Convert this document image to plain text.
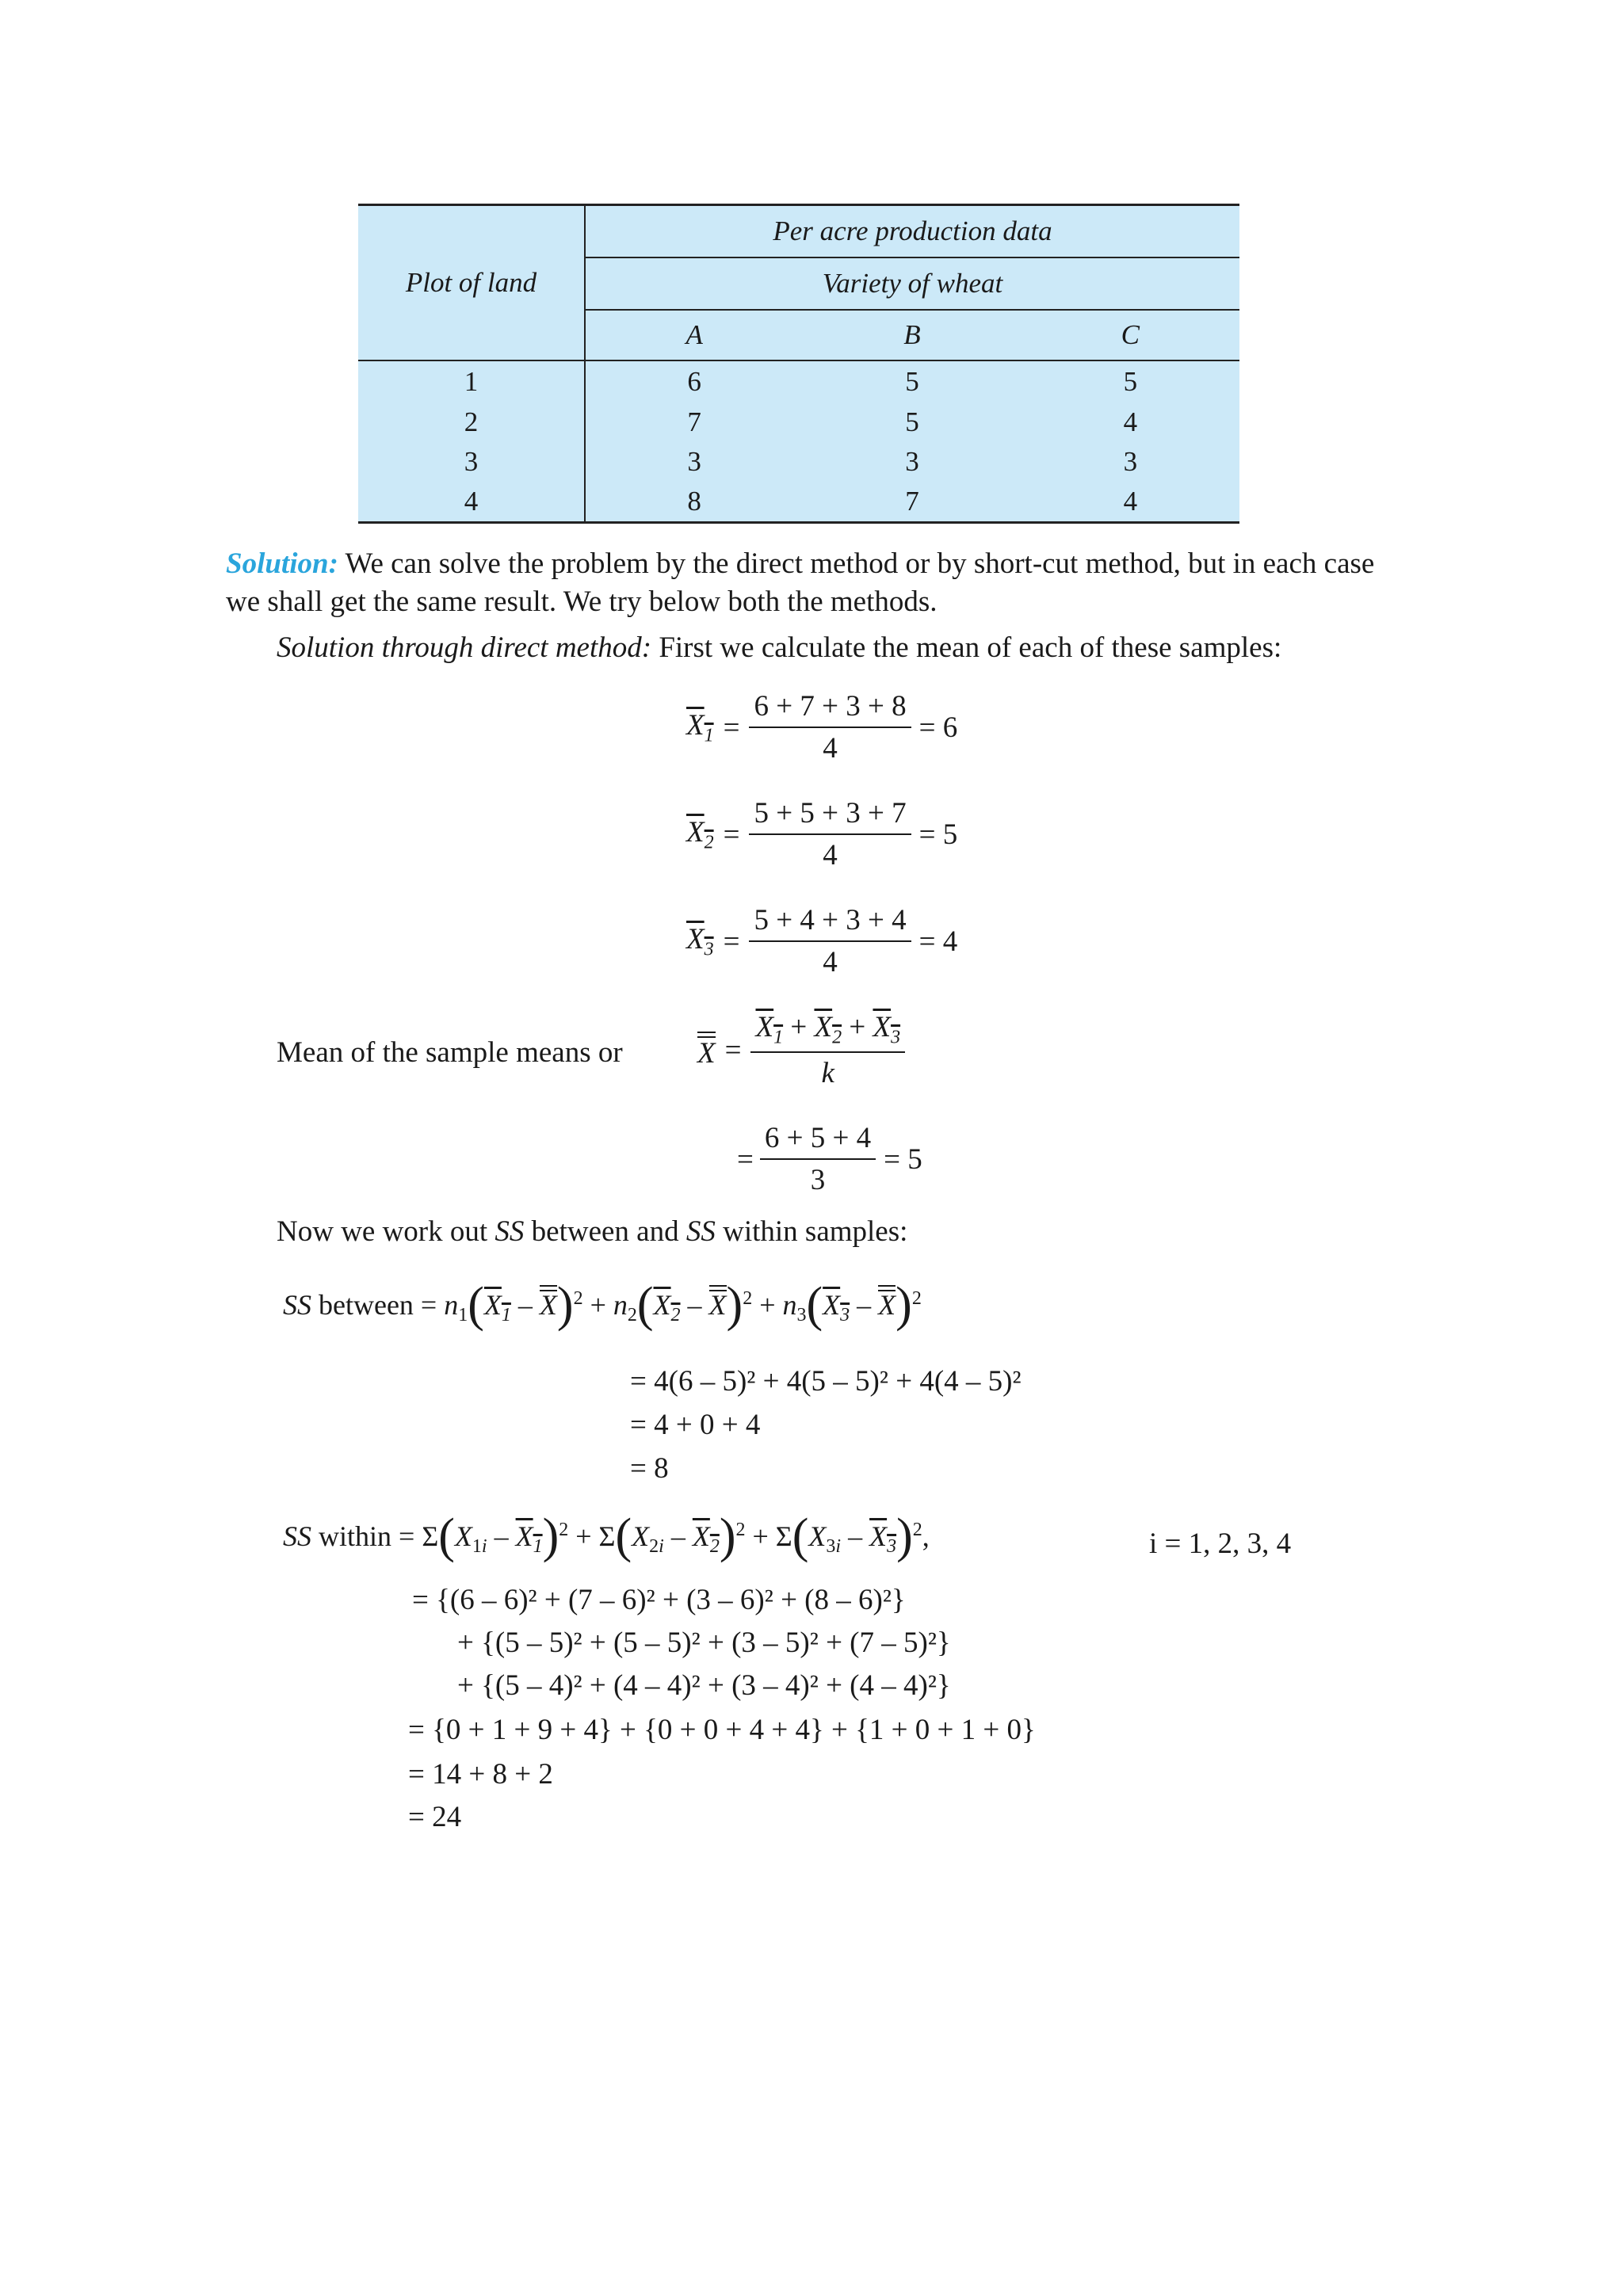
Plot of land	Per acre production data		
	Variety of wheat		
	A	B	C
1	6	5	5
2	7	5	4
3	3	3	3
4	8	7	4
Solution: We can solve the problem by the direct method or by short-cut method, but in each case
we shall get the same result. We try below both the methods.
Solution through direct method: First we calculate the mean of each of these samples:
$X_1 = \frac{6 + 7 + 3 + 8}{4} = 6$
$X_2 = \frac{5 + 5 + 3 + 7}{4} = 5$
$X_3 = \frac{5 + 4 + 3 + 4}{4} = 4$
Mean of the sample means or	$X = \frac{X_1 + X_2 + X_3}{k}$
= $\frac{6 + 5 + 4}{3} = 5$
Now we work out SS between and SS within samples:
SS between = $n_1(X_1 - X)^2 + n_2(X_2 - X)^2 + n_3(X_3 - X)^2$
= 4(6 – 5)² + 4(5 – 5)² + 4(4 – 5)²
= 4 + 0 + 4
= 8
SS within = $\Sigma(X_{1i} - X_1)^2 + \Sigma(X_{2i} - X_2)^2 + \Sigma(X_{3i} - X_3)^2$,	i = 1, 2, 3, 4
= {(6 – 6)² + (7 – 6)² + (3 – 6)² + (8 – 6)²}
+ {(5 – 5)² + (5 – 5)² + (3 – 5)² + (7 – 5)²}
+ {(5 – 4)² + (4 – 4)² + (3 – 4)² + (4 – 4)²}
= {0 + 1 + 9 + 4} + {0 + 0 + 4 + 4} + {1 + 0 + 1 + 0}
= 14 + 8 + 2
= 24
